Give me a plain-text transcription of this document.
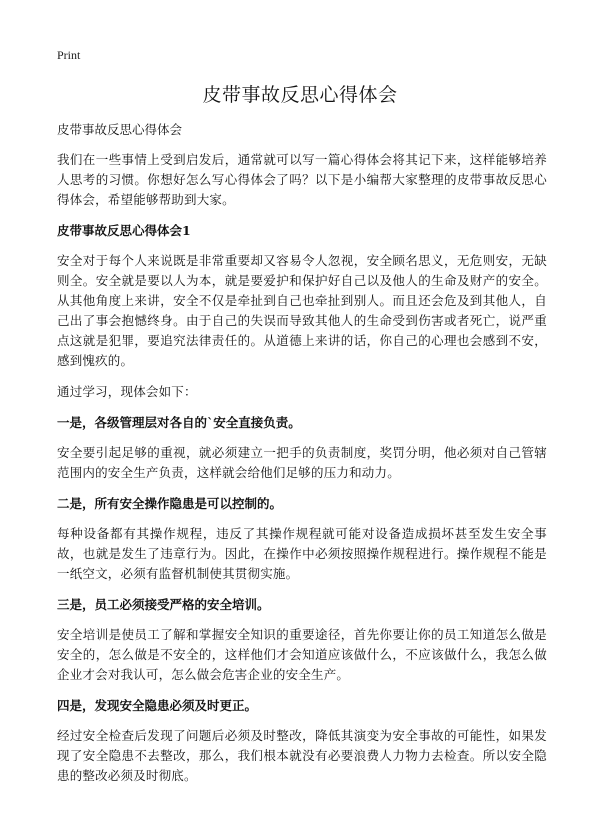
Print
皮带事故反思心得体会

皮带事故反思心得体会

我们在一些事情上受到启发后，通常就可以写一篇心得体会将其记下来，这样能够培养人思考的习惯。你想好怎么写心得体会了吗？以下是小编帮大家整理的皮带事故反思心得体会，希望能够帮助到大家。

皮带事故反思心得体会1

安全对于每个人来说既是非常重要却又容易令人忽视，安全顾名思义，无危则安，无缺则全。安全就是要以人为本，就是要爱护和保护好自己以及他人的生命及财产的安全。从其他角度上来讲，安全不仅是牵扯到自己也牵扯到别人。而且还会危及到其他人，自己出了事会抱憾终身。由于自己的失误而导致其他人的生命受到伤害或者死亡，说严重点这就是犯罪，要追究法律责任的。从道德上来讲的话，你自己的心理也会感到不安，感到愧疚的。

通过学习，现体会如下：

一是，各级管理层对各自的`安全直接负责。

安全要引起足够的重视，就必须建立一把手的负责制度，奖罚分明，他必须对自己管辖范围内的安全生产负责，这样就会给他们足够的压力和动力。

二是，所有安全操作隐患是可以控制的。

每种设备都有其操作规程，违反了其操作规程就可能对设备造成损坏甚至发生安全事故，也就是发生了违章行为。因此，在操作中必须按照操作规程进行。操作规程不能是一纸空文，必须有监督机制使其贯彻实施。

三是，员工必须接受严格的安全培训。

安全培训是使员工了解和掌握安全知识的重要途径，首先你要让你的员工知道怎么做是安全的，怎么做是不安全的，这样他们才会知道应该做什么，不应该做什么，我怎么做企业才会对我认可，怎么做会危害企业的安全生产。

四是，发现安全隐患必须及时更正。

经过安全检查后发现了问题后必须及时整改，降低其演变为安全事故的可能性，如果发现了安全隐患不去整改，那么，我们根本就没有必要浪费人力物力去检查。所以安全隐患的整改必须及时彻底。
